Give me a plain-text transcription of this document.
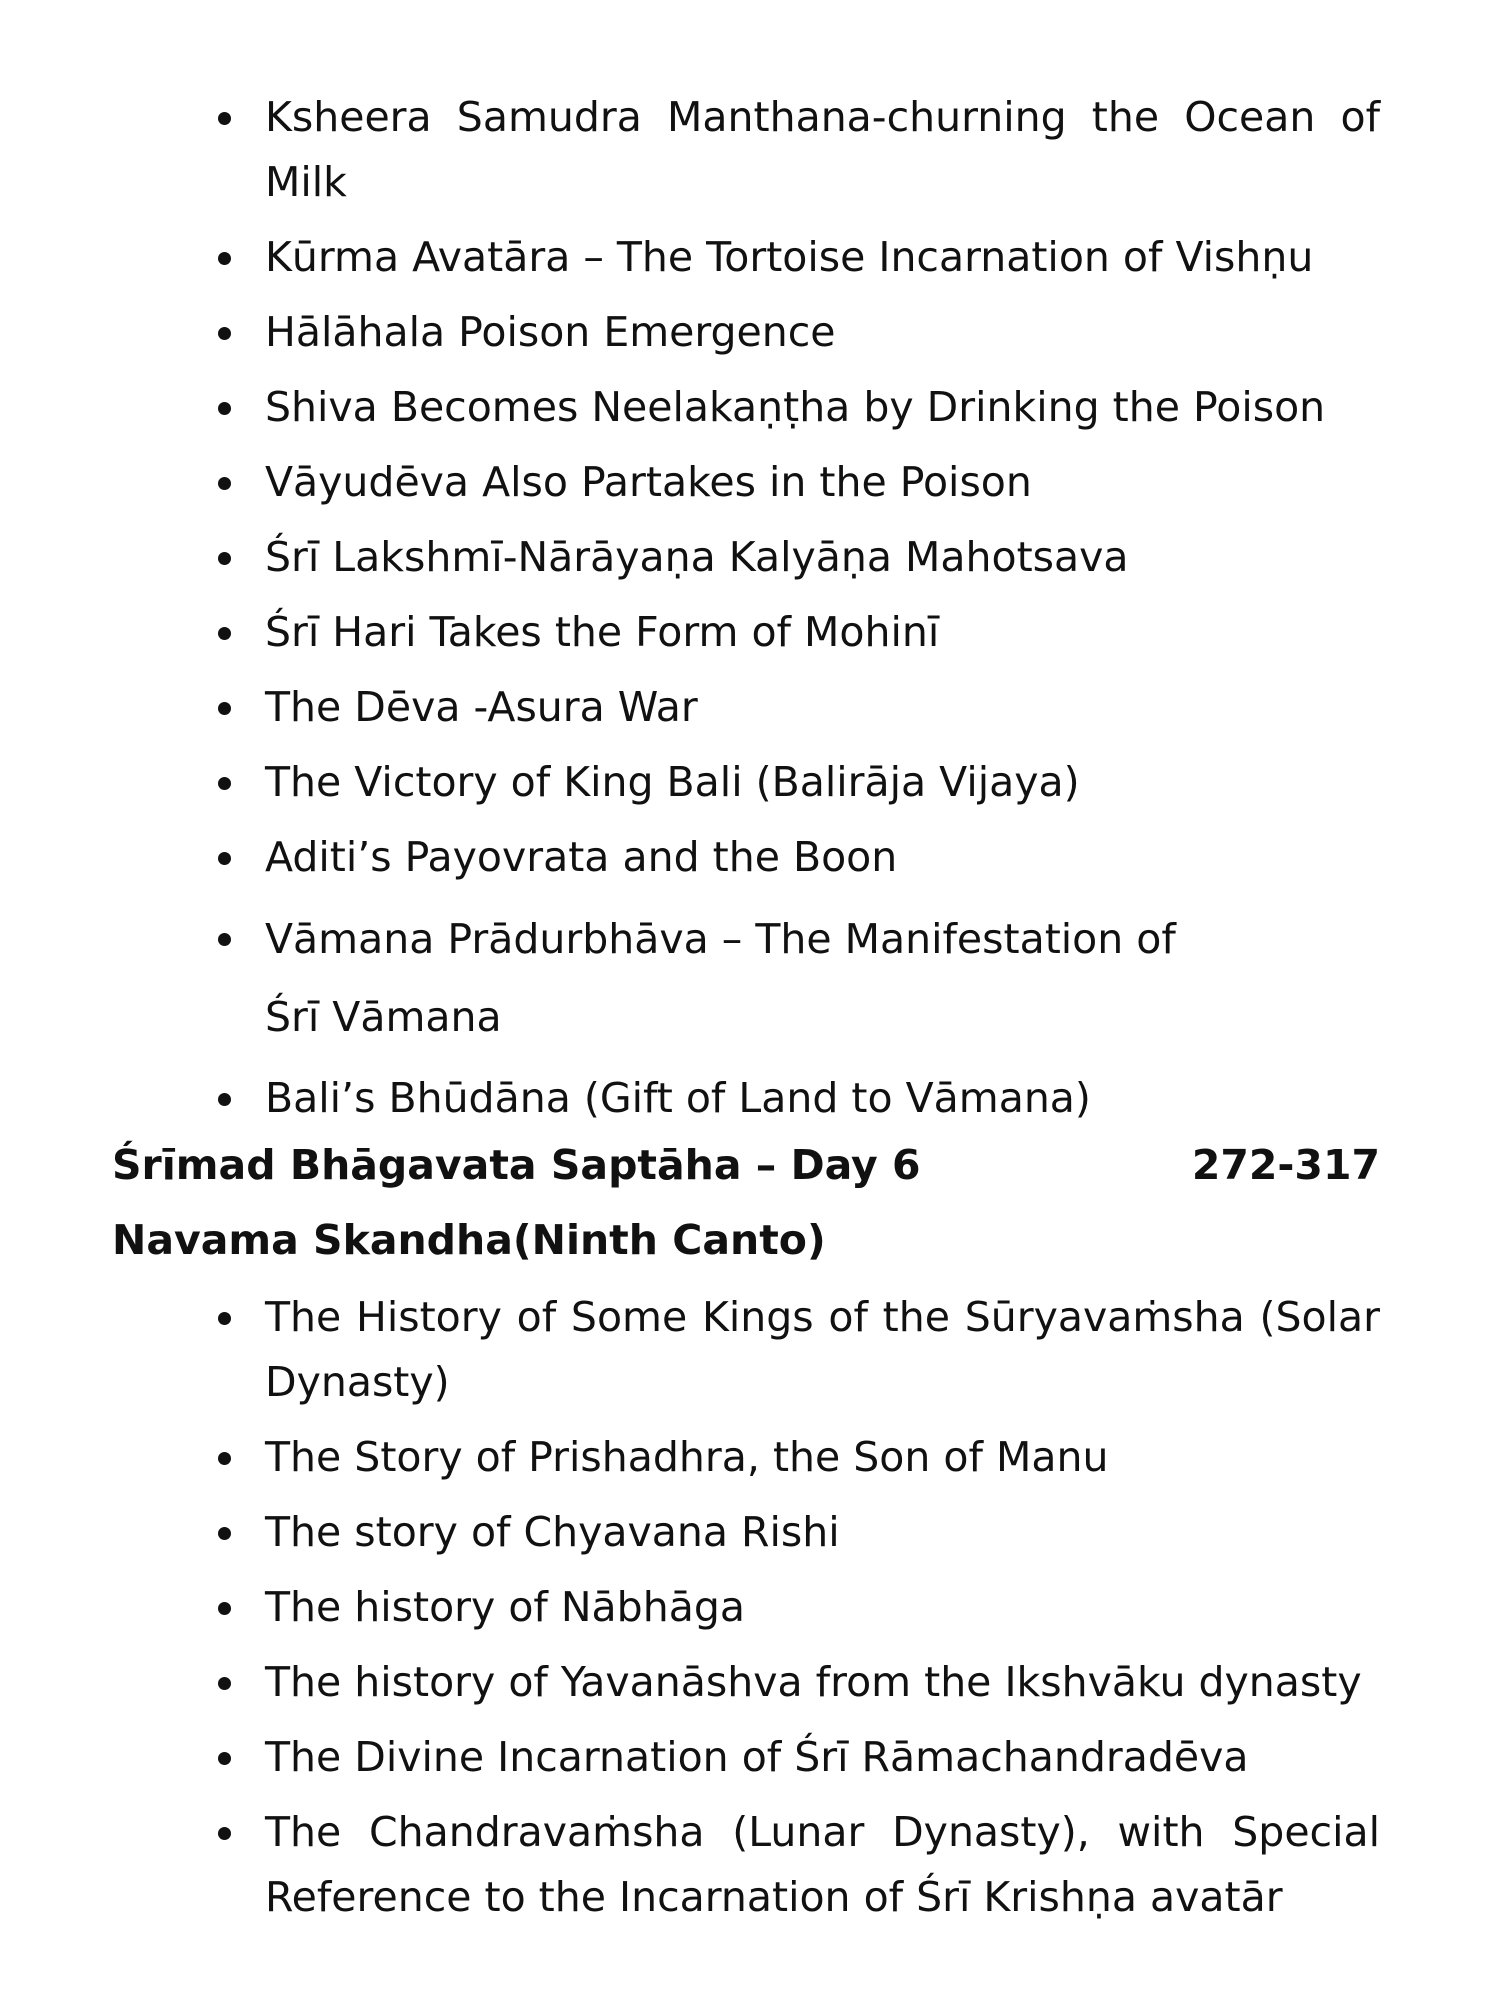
Ksheera Samudra Manthana-churning the Ocean of Milk
Kūrma Avatāra – The Tortoise Incarnation of Vishṇu
Hālāhala Poison Emergence
Shiva Becomes Neelakaṇṭha by Drinking the Poison
Vāyudēva Also Partakes in the Poison
Śrī Lakshmī-Nārāyaṇa Kalyāṇa Mahotsava
Śrī Hari Takes the Form of Mohinī
The Dēva -Asura War
The Victory of King Bali (Balirāja Vijaya)
Aditi’s Payovrata and the Boon
Vāmana Prādurbhāva – The Manifestation of Śrī Vāmana
Bali’s Bhūdāna (Gift of Land to Vāmana)
Śrīmad Bhāgavata Saptāha – Day 6	272-317
Navama Skandha(Ninth Canto)
The History of Some Kings of the Sūryavaṁsha (Solar Dynasty)
The Story of Prishadhra, the Son of Manu
The story of Chyavana Rishi
The history of Nābhāga
The history of Yavanāshva from the Ikshvāku dynasty
The Divine Incarnation of Śrī Rāmachandradēva
The Chandravaṁsha (Lunar Dynasty), with Special Reference to the Incarnation of Śrī Krishṇa avatār
